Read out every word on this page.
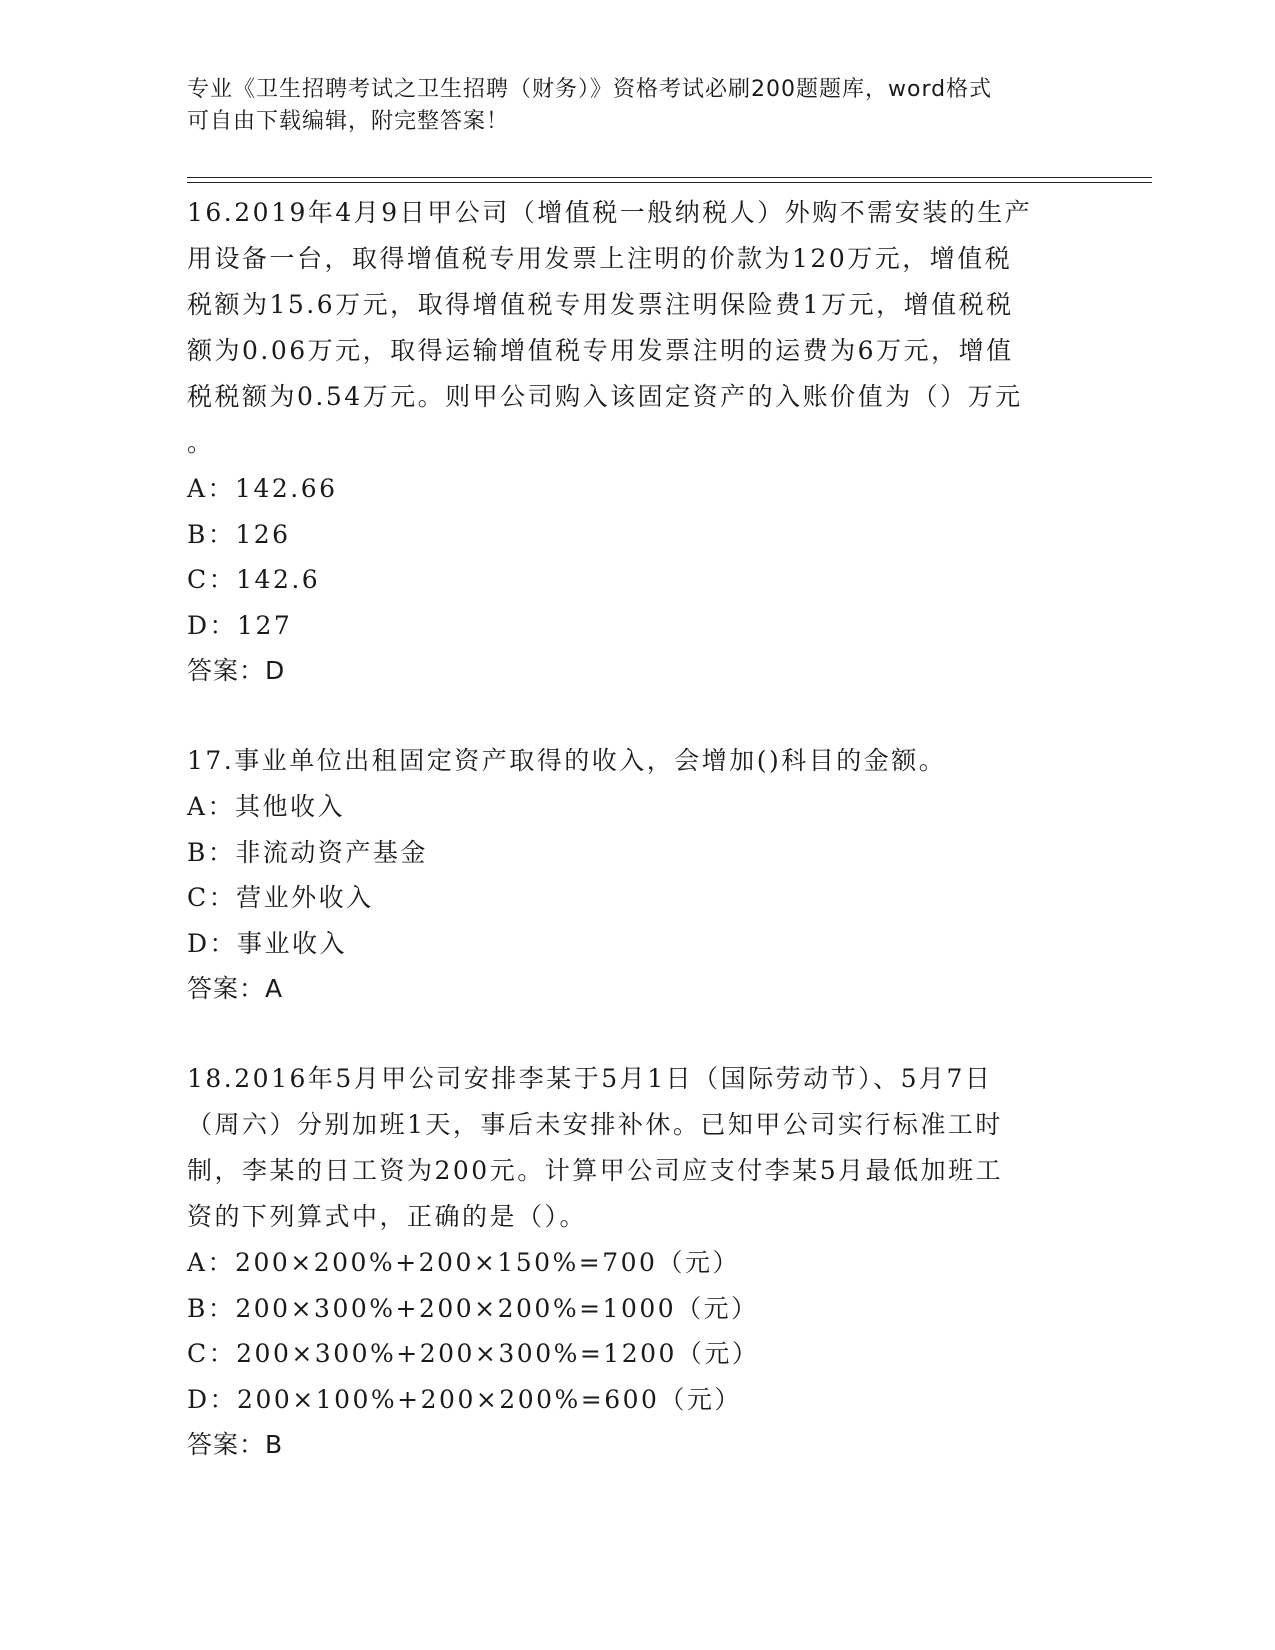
专业《卫生招聘考试之卫生招聘（财务）》资格考试必刷200题题库，word格式
可自由下载编辑，附完整答案！
16.2019年4月9日甲公司（增值税一般纳税人）外购不需安装的生产
用设备一台，取得增值税专用发票上注明的价款为120万元，增值税
税额为15.6万元，取得增值税专用发票注明保险费1万元，增值税税
额为0.06万元，取得运输增值税专用发票注明的运费为6万元，增值
税税额为0.54万元。则甲公司购入该固定资产的入账价值为（）万元
。
A：142.66
B：126
C：142.6
D：127
答案：D
17.事业单位出租固定资产取得的收入，会增加()科目的金额。
A：其他收入
B：非流动资产基金
C：营业外收入
D：事业收入
答案：A
18.2016年5月甲公司安排李某于5月1日（国际劳动节）、5月7日
（周六）分别加班1天，事后未安排补休。已知甲公司实行标准工时
制，李某的日工资为200元。计算甲公司应支付李某5月最低加班工
资的下列算式中，正确的是（）。
A：200×200%+200×150%=700（元）
B：200×300%+200×200%=1000（元）
C：200×300%+200×300%=1200（元）
D：200×100%+200×200%=600（元）
答案：B
